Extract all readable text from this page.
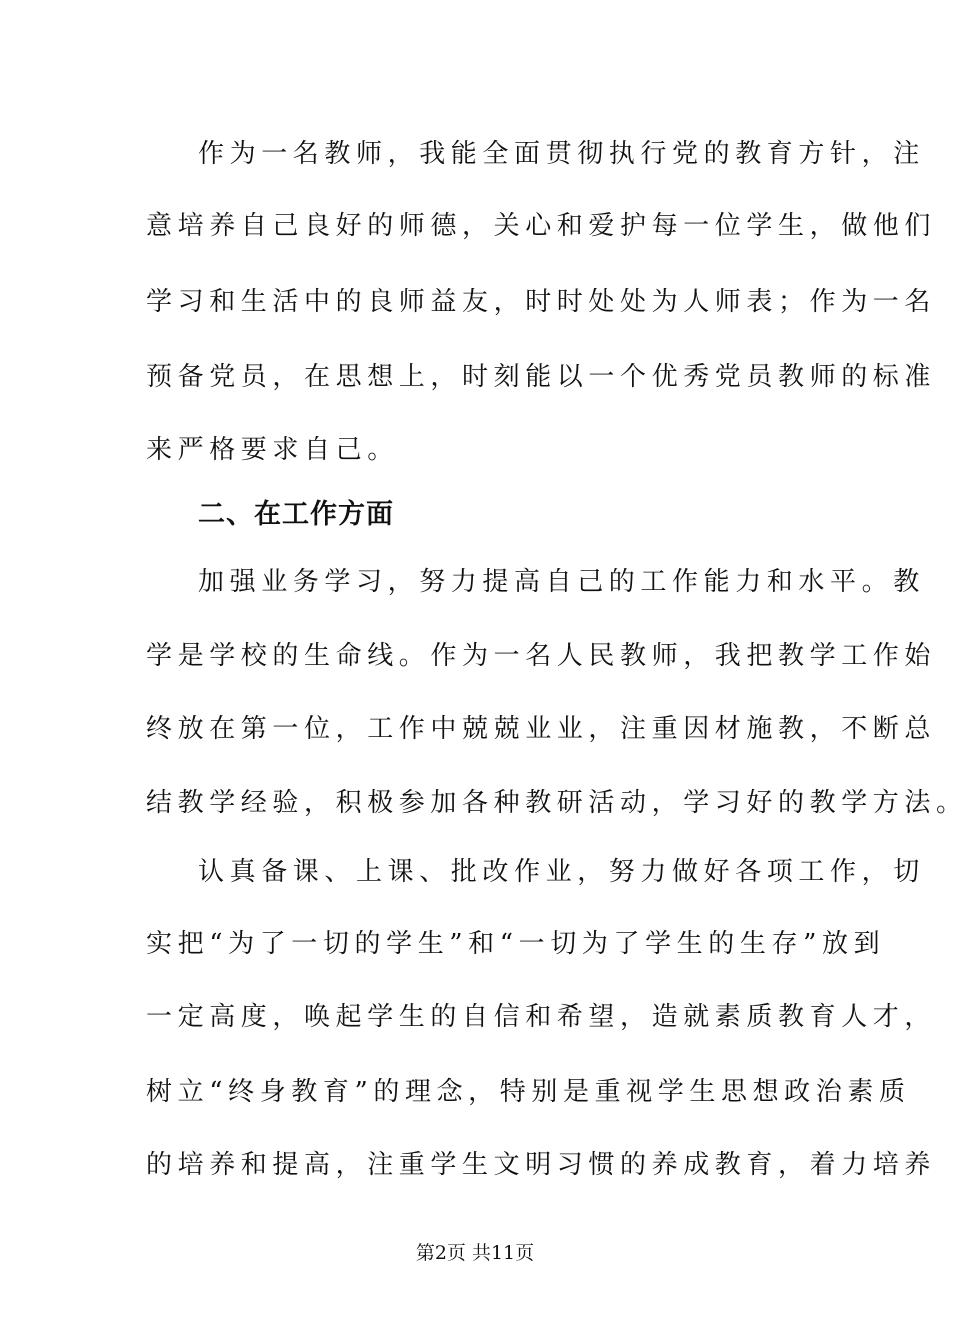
作为一名教师，我能全面贯彻执行党的教育方针，注
意培养自己良好的师德，关心和爱护每一位学生，做他们
学习和生活中的良师益友，时时处处为人师表；作为一名
预备党员，在思想上，时刻能以一个优秀党员教师的标准
来严格要求自己。
二、在工作方面
加强业务学习，努力提高自己的工作能力和水平。教
学是学校的生命线。作为一名人民教师，我把教学工作始
终放在第一位，工作中兢兢业业，注重因材施教，不断总
结教学经验，积极参加各种教研活动，学习好的教学方法。
认真备课、上课、批改作业，努力做好各项工作，切
实把“为了一切的学生”和“一切为了学生的生存”放到
一定高度，唤起学生的自信和希望，造就素质教育人才，
树立“终身教育”的理念，特别是重视学生思想政治素质
的培养和提高，注重学生文明习惯的养成教育，着力培养
第2页 共11页
